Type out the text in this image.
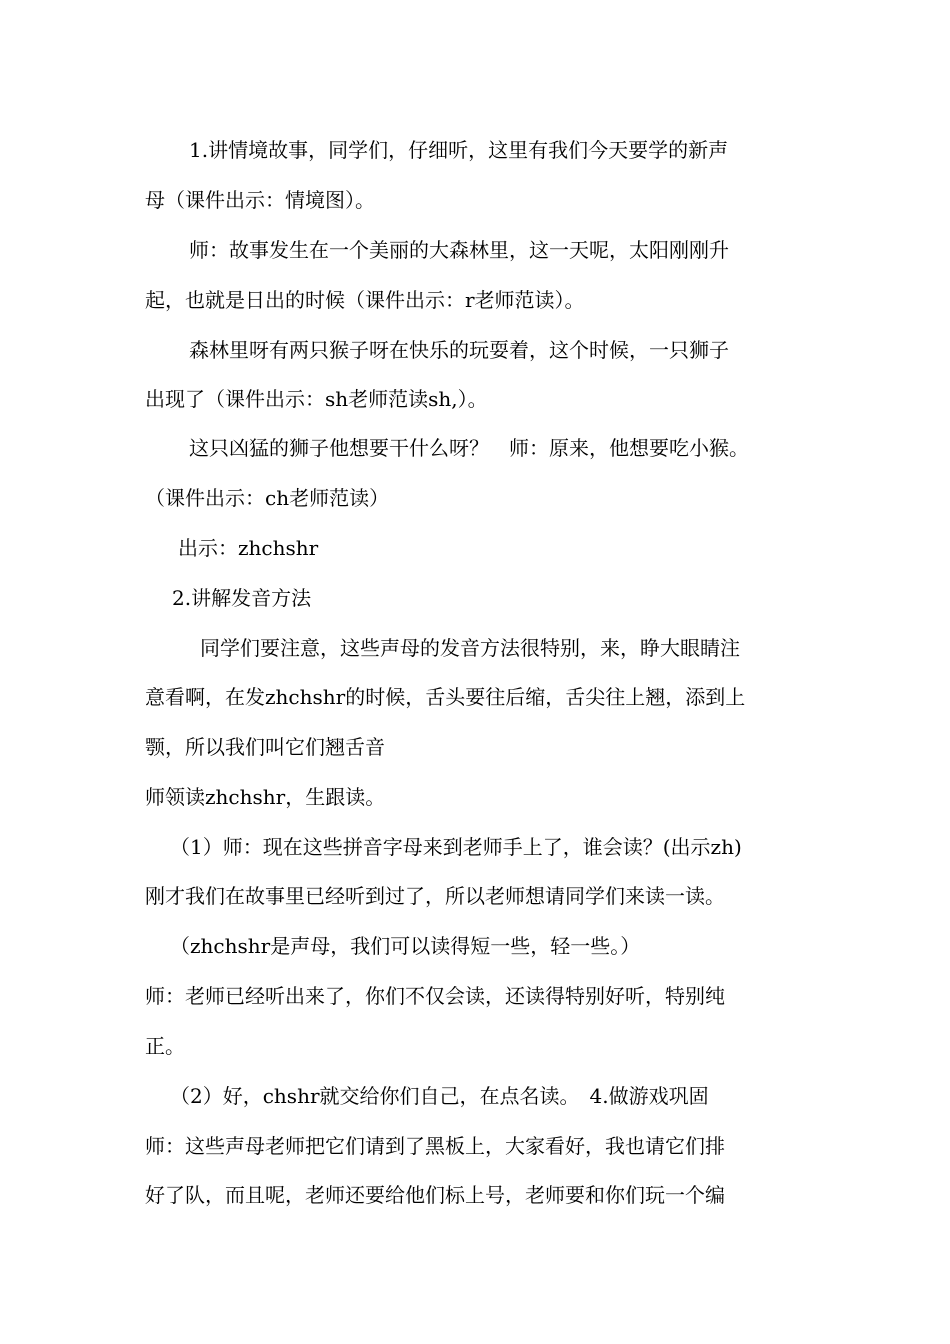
1.讲情境故事，同学们，仔细听，这里有我们今天要学的新声

母（课件出示：情境图）。

师：故事发生在一个美丽的大森林里，这一天呢，太阳刚刚升

起，也就是日出的时候（课件出示：r老师范读）。

森林里呀有两只猴子呀在快乐的玩耍着，这个时候，一只狮子

出现了（课件出示：sh老师范读sh,）。

这只凶猛的狮子他想要干什么呀？　师：原来，他想要吃小猴。

（课件出示：ch老师范读）

出示：zhchshr

2.讲解发音方法

同学们要注意，这些声母的发音方法很特别，来，睁大眼睛注

意看啊，在发zhchshr的时候，舌头要往后缩，舌尖往上翘，添到上

颚，所以我们叫它们翘舌音

师领读zhchshr，生跟读。

（1）师：现在这些拼音字母来到老师手上了，谁会读？(出示zh)

刚才我们在故事里已经听到过了，所以老师想请同学们来读一读。

（zhchshr是声母，我们可以读得短一些，轻一些。）

师：老师已经听出来了，你们不仅会读，还读得特别好听，特别纯

正。

（2）好，chshr就交给你们自己，在点名读。　4.做游戏巩固

师：这些声母老师把它们请到了黑板上，大家看好，我也请它们排

好了队，而且呢，老师还要给他们标上号，老师要和你们玩一个编
